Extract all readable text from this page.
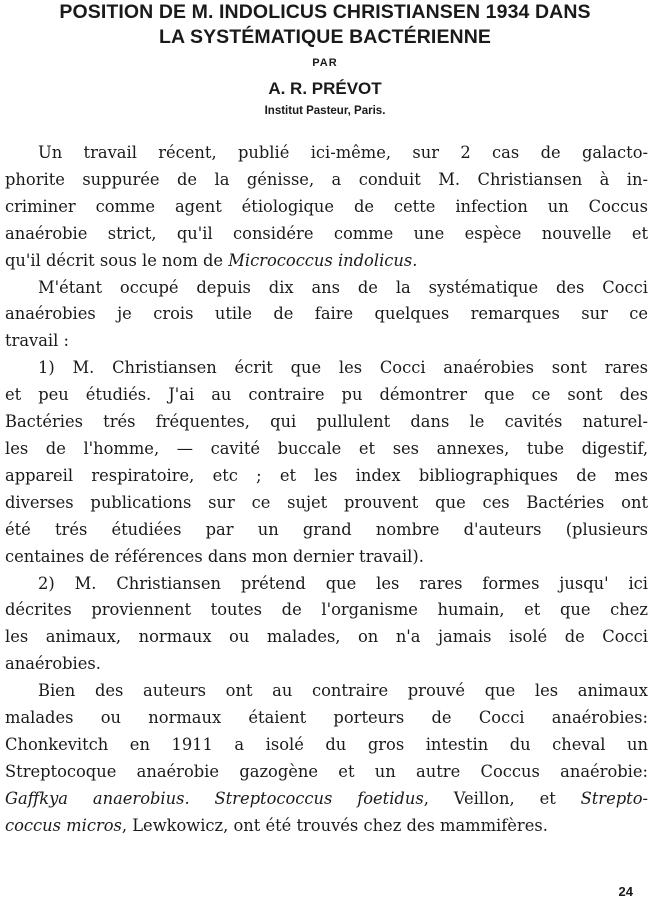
POSITION DE M. INDOLICUS CHRISTIANSEN 1934 DANS
LA SYSTÉMATIQUE BACTÉRIENNE
PAR
A. R. PRÉVOT
Institut Pasteur, Paris.
Un travail récent, publié ici-même, sur 2 cas de galacto-
phorite suppurée de la génisse, a conduit M. Christiansen à in-
criminer comme agent étiologique de cette infection un Coccus
anaérobie strict, qu'il considére comme une espèce nouvelle et
qu'il décrit sous le nom de Micrococcus indolicus.
M'étant occupé depuis dix ans de la systématique des Cocci
anaérobies je crois utile de faire quelques remarques sur ce
travail :
1) M. Christiansen écrit que les Cocci anaérobies sont rares
et peu étudiés. J'ai au contraire pu démontrer que ce sont des
Bactéries trés fréquentes, qui pullulent dans le cavités naturel-
les de l'homme, — cavité buccale et ses annexes, tube digestif,
appareil respiratoire, etc ; et les index bibliographiques de mes
diverses publications sur ce sujet prouvent que ces Bactéries ont
été trés étudiées par un grand nombre d'auteurs (plusieurs
centaines de références dans mon dernier travail).
2) M. Christiansen prétend que les rares formes jusqu' ici
décrites proviennent toutes de l'organisme humain, et que chez
les animaux, normaux ou malades, on n'a jamais isolé de Cocci
anaérobies.
Bien des auteurs ont au contraire prouvé que les animaux
malades ou normaux étaient porteurs de Cocci anaérobies:
Chonkevitch en 1911 a isolé du gros intestin du cheval un
Streptocoque anaérobie gazogène et un autre Coccus anaérobie:
Gaffkya anaerobius. Streptococcus foetidus, Veillon, et Strepto-
coccus micros, Lewkowicz, ont été trouvés chez des mammifères.
24
